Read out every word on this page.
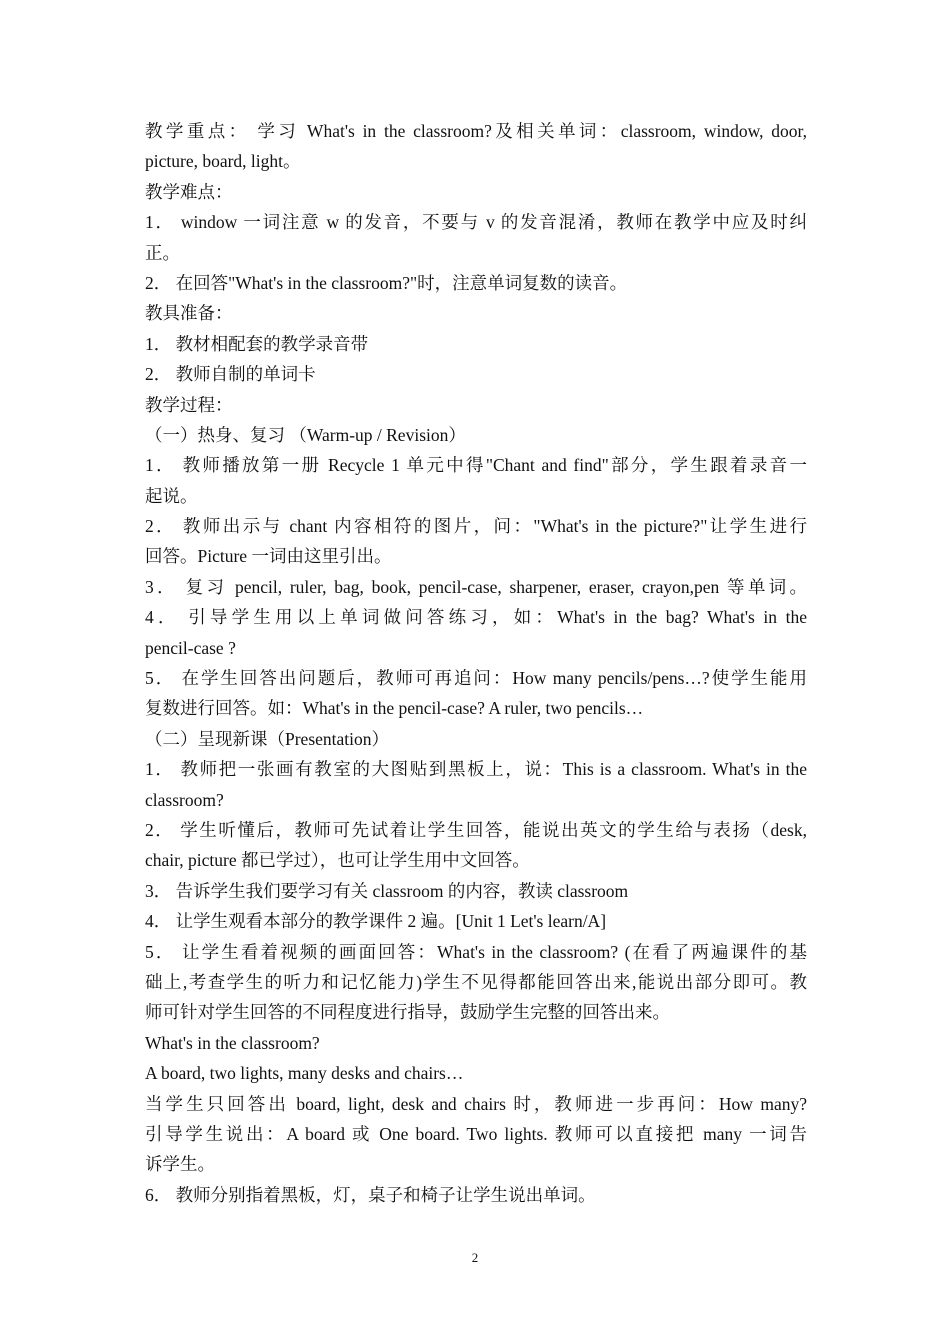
教学重点： 学习 What's in the classroom?及相关单词：classroom, window, door,
picture, board, light。
教学难点：
1． window 一词注意 w 的发音，不要与 v 的发音混淆，教师在教学中应及时纠
正。
2． 在回答"What's in the classroom?"时，注意单词复数的读音。
教具准备：
1． 教材相配套的教学录音带
2． 教师自制的单词卡
教学过程：
（一）热身、复习 （Warm-up / Revision）
1． 教师播放第一册 Recycle 1 单元中得"Chant and find"部分，学生跟着录音一
起说。
2． 教师出示与 chant 内容相符的图片，问："What's in the picture?"让学生进行
回答。Picture 一词由这里引出。
3． 复习 pencil, ruler, bag, book, pencil-case, sharpener, eraser, crayon,pen 等单词。
4． 引导学生用以上单词做问答练习，如：What's in the bag? What's in the
pencil-case ?
5． 在学生回答出问题后，教师可再追问：How many pencils/pens…?使学生能用
复数进行回答。如：What's in the pencil-case? A ruler, two pencils…
（二）呈现新课（Presentation）
1． 教师把一张画有教室的大图贴到黑板上，说：This is a classroom. What's in the
classroom?
2． 学生听懂后，教师可先试着让学生回答，能说出英文的学生给与表扬（desk,
chair, picture 都已学过），也可让学生用中文回答。
3． 告诉学生我们要学习有关 classroom 的内容，教读 classroom
4． 让学生观看本部分的教学课件 2 遍。[Unit 1 Let's learn/A]
5． 让学生看着视频的画面回答：What's in the classroom? (在看了两遍课件的基
础上,考查学生的听力和记忆能力)学生不见得都能回答出来,能说出部分即可。教
师可针对学生回答的不同程度进行指导，鼓励学生完整的回答出来。
What's in the classroom?
A board, two lights, many desks and chairs…
当学生只回答出 board, light, desk and chairs 时，教师进一步再问：How many?
引导学生说出：A board 或 One board. Two lights. 教师可以直接把 many 一词告
诉学生。
6． 教师分别指着黑板，灯，桌子和椅子让学生说出单词。
2
